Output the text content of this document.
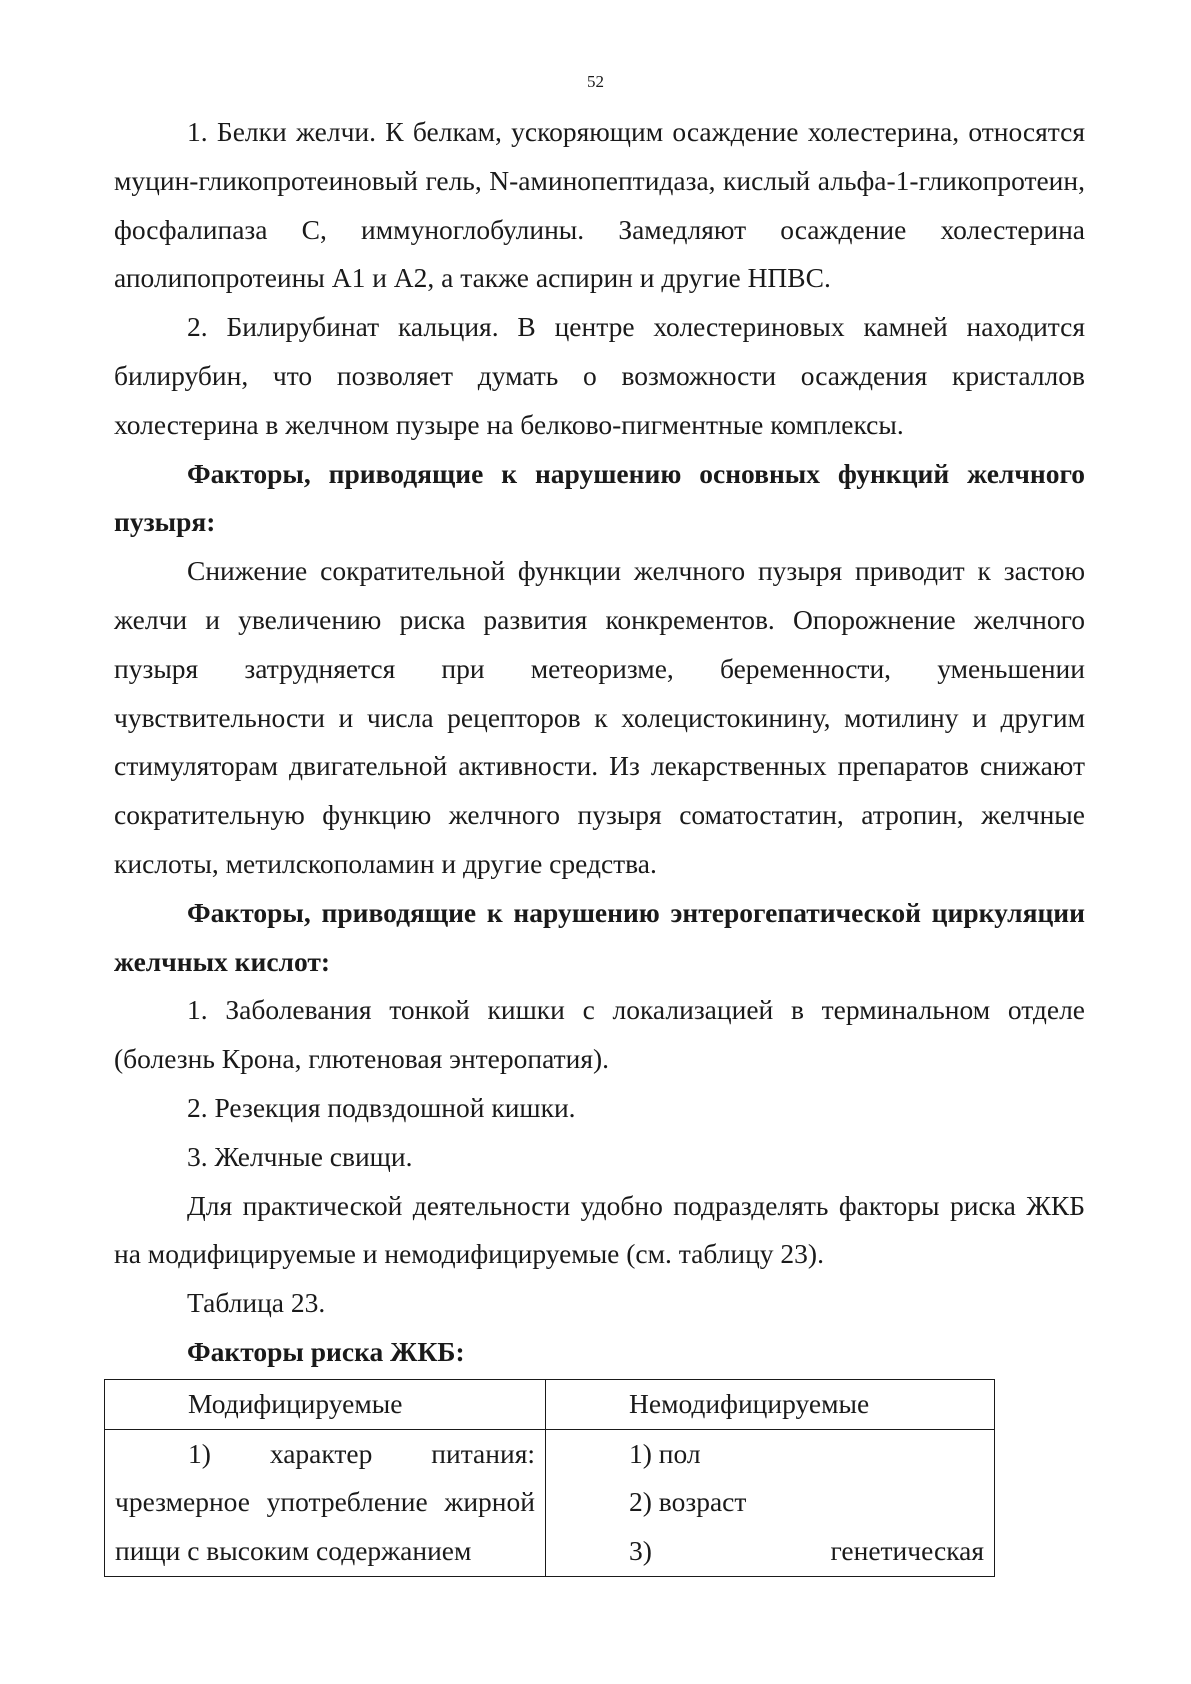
52

1. Белки желчи. К белкам, ускоряющим осаждение холестерина, относятся муцин-гликопротеиновый гель, N-аминопептидаза, кислый альфа-1-гликопротеин, фосфалипаза С, иммуноглобулины. Замедляют осаждение холестерина аполипопротеины А1 и А2, а также аспирин и другие НПВС.

2. Билирубинат кальция. В центре холестериновых камней находится билирубин, что позволяет думать о возможности осаждения кристаллов холестерина в желчном пузыре на белково-пигментные комплексы.

Факторы, приводящие к нарушению основных функций желчного пузыря:

Снижение сократительной функции желчного пузыря приводит к застою желчи и увеличению риска развития конкрементов. Опорожнение желчного пузыря затрудняется при метеоризме, беременности, уменьшении чувствительности и числа рецепторов к холецистокинину, мотилину и другим стимуляторам двигательной активности. Из лекарственных препаратов снижают сократительную функцию желчного пузыря соматостатин, атропин, желчные кислоты, метилскополамин и другие средства.

Факторы, приводящие к нарушению энтерогепатической циркуляции желчных кислот:

1. Заболевания тонкой кишки с локализацией в терминальном отделе (болезнь Крона, глютеновая энтеропатия).

2. Резекция подвздошной кишки.

3. Желчные свищи.

Для практической деятельности удобно подразделять факторы риска ЖКБ на модифицируемые и немодифицируемые (см. таблицу 23).

Таблица 23.

Факторы риска ЖКБ:

Модифицируемые	Немодифицируемые

1) характер питания: чрезмерное употребление жирной пищи с высоким содержанием	1) пол
2) возраст
3) генетическая
